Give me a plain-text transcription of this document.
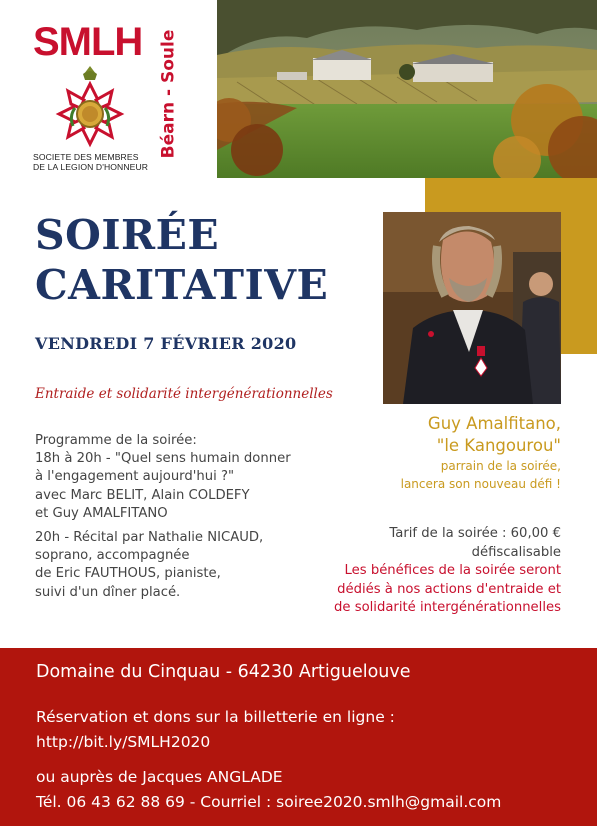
SMLH
SOCIETE DES MEMBRES
DE LA LEGION D'HONNEUR
Béarn - Soule
SOIRÉE
CARITATIVE
VENDREDI 7 FÉVRIER 2020
Entraide et solidarité intergénérationnelles
Programme de la soirée:
18h à 20h - "Quel sens humain donner
à l'engagement aujourd'hui ?"
avec Marc BELIT, Alain COLDEFY
et Guy AMALFITANO
20h - Récital par Nathalie NICAUD,
soprano, accompagnée
de Eric FAUTHOUS, pianiste,
suivi d'un dîner placé.
Guy Amalfitano,
"le Kangourou"
parrain de la soirée,
lancera son nouveau défi !
Tarif de la soirée : 60,00 €
défiscalisable
Les bénéfices de la soirée seront
dédiés à nos actions d'entraide et
de solidarité intergénérationnelles
Domaine du Cinquau - 64230 Artiguelouve
Réservation et dons sur la billetterie en ligne :
http://bit.ly/SMLH2020
ou auprès de Jacques ANGLADE
Tél. 06 43 62 88 69 - Courriel : soiree2020.smlh@gmail.com
